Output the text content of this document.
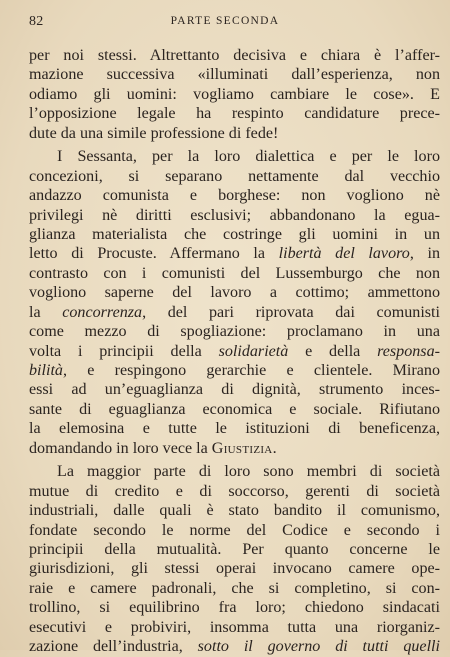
82	PARTE SECONDA
per noi stessi. Altrettanto decisiva e chiara è l’affer-
mazione successiva «illuminati dall’esperienza, non
odiamo gli uomini: vogliamo cambiare le cose». E
l’opposizione legale ha respinto candidature prece-
dute da una simile professione di fede!
I Sessanta, per la loro dialettica e per le loro
concezioni, si separano nettamente dal vecchio
andazzo comunista e borghese: non vogliono nè
privilegi nè diritti esclusivi; abbandonano la egua-
glianza materialista che costringe gli uomini in un
letto di Procuste. Affermano la libertà del lavoro, in
contrasto con i comunisti del Lussemburgo che non
vogliono saperne del lavoro a cottimo; ammettono
la concorrenza, del pari riprovata dai comunisti
come mezzo di spogliazione: proclamano in una
volta i principii della solidarietà e della responsa-
bilità, e respingono gerarchie e clientele. Mirano
essi ad un’eguaglianza di dignità, strumento inces-
sante di eguaglianza economica e sociale. Rifiutano
la elemosina e tutte le istituzioni di beneficenza,
domandando in loro vece la Giustizia.
La maggior parte di loro sono membri di società
mutue di credito e di soccorso, gerenti di società
industriali, dalle quali è stato bandito il comunismo,
fondate secondo le norme del Codice e secondo i
principii della mutualità. Per quanto concerne le
giurisdizioni, gli stessi operai invocano camere ope-
raie e camere padronali, che si completino, si con-
trollino, si equilibrino fra loro; chiedono sindacati
esecutivi e probiviri, insomma tutta una riorganiz-
zazione dell’industria, sotto il governo di tutti quelli
